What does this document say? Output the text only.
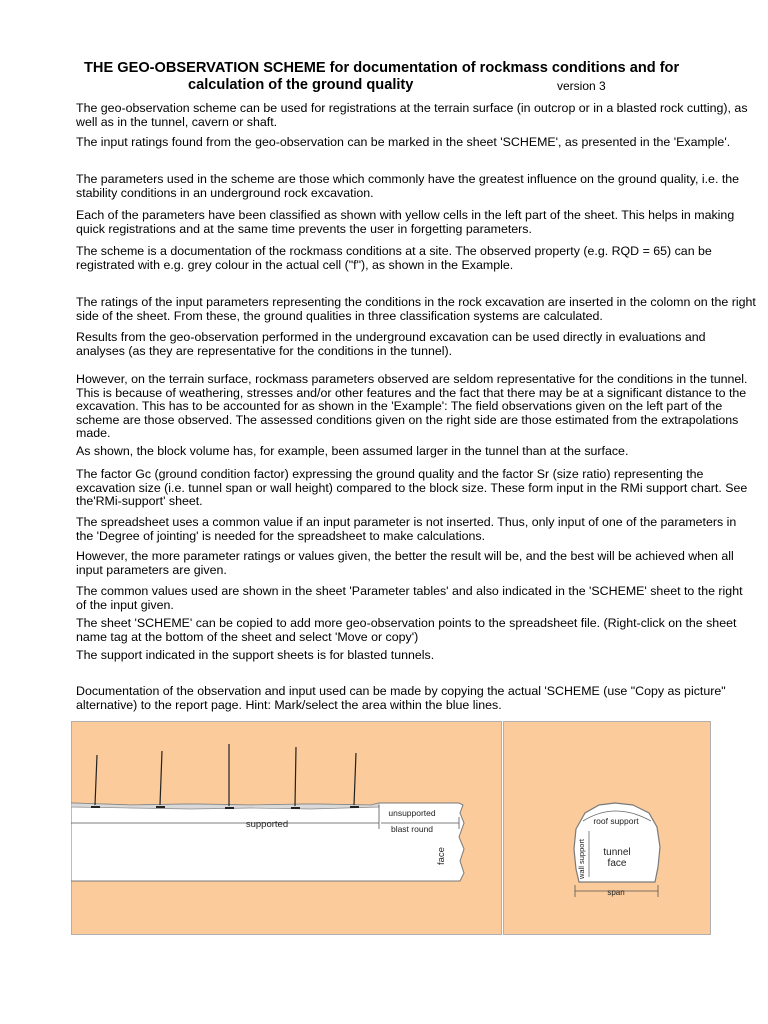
THE GEO-OBSERVATION SCHEME for documentation of rockmass conditions and for
calculation of the ground quality	version 3

The geo-observation scheme can be used for registrations at the terrain surface (in outcrop or in a blasted rock cutting), as well as in the tunnel, cavern or shaft.

The input ratings found from the geo-observation can be marked in the sheet 'SCHEME', as presented in the 'Example'.

The parameters used in the scheme are those which commonly have the greatest influence on the ground quality, i.e. the stability conditions in an underground rock excavation.

Each of the parameters have been classified as shown with yellow cells in the left part of the sheet. This helps in making quick registrations and at the same time prevents the user in forgetting parameters.

The scheme is a documentation of the rockmass conditions at a site. The observed property (e.g. RQD = 65) can be registrated with e.g. grey colour in the actual cell ("f"), as shown in the Example.

The ratings of the input parameters representing the conditions in the rock excavation are inserted in the colomn on the right side of the sheet. From these, the ground qualities in three classification systems are calculated.

Results from the geo-observation performed in the underground excavation can be used directly in evaluations and analyses (as they are representative for the conditions in the tunnel).

However, on the terrain surface, rockmass parameters observed are seldom representative for the conditions in the tunnel. This is because of weathering, stresses and/or other features and the fact that there may be at a significant distance to the excavation. This has to be accounted for as shown in the 'Example': The field observations given on the left part of the scheme are those observed. The assessed conditions given on the right side are those estimated from the extrapolations made.

As shown, the block volume has, for example, been assumed larger in the tunnel than at the surface.

The factor Gc (ground condition factor) expressing the ground quality and the factor Sr (size ratio) representing the excavation size (i.e. tunnel span or wall height) compared to the block size. These form input in the RMi support chart. See the'RMi-support' sheet.

The spreadsheet uses a common value if an input parameter is not inserted. Thus, only input of one of the parameters in the 'Degree of jointing' is needed for the spreadsheet to make calculations.

However, the more parameter ratings or values given, the better the result will be, and the best will be achieved when all input parameters are given.

The common values used are shown in the sheet 'Parameter tables' and also indicated in the 'SCHEME' sheet to the right of the input given.

The sheet 'SCHEME' can be copied to add more geo-observation points to the spreadsheet file. (Right-click on the sheet name tag at the bottom of the sheet and select 'Move or copy')

The support indicated in the support sheets is for blasted tunnels.

Documentation of the observation and input used can be made by copying the actual 'SCHEME (use "Copy as picture" alternative) to the report page. Hint: Mark/select the area within the blue lines.

supported
unsupported
blast round
face
roof support
wall support tunnel
face
span
